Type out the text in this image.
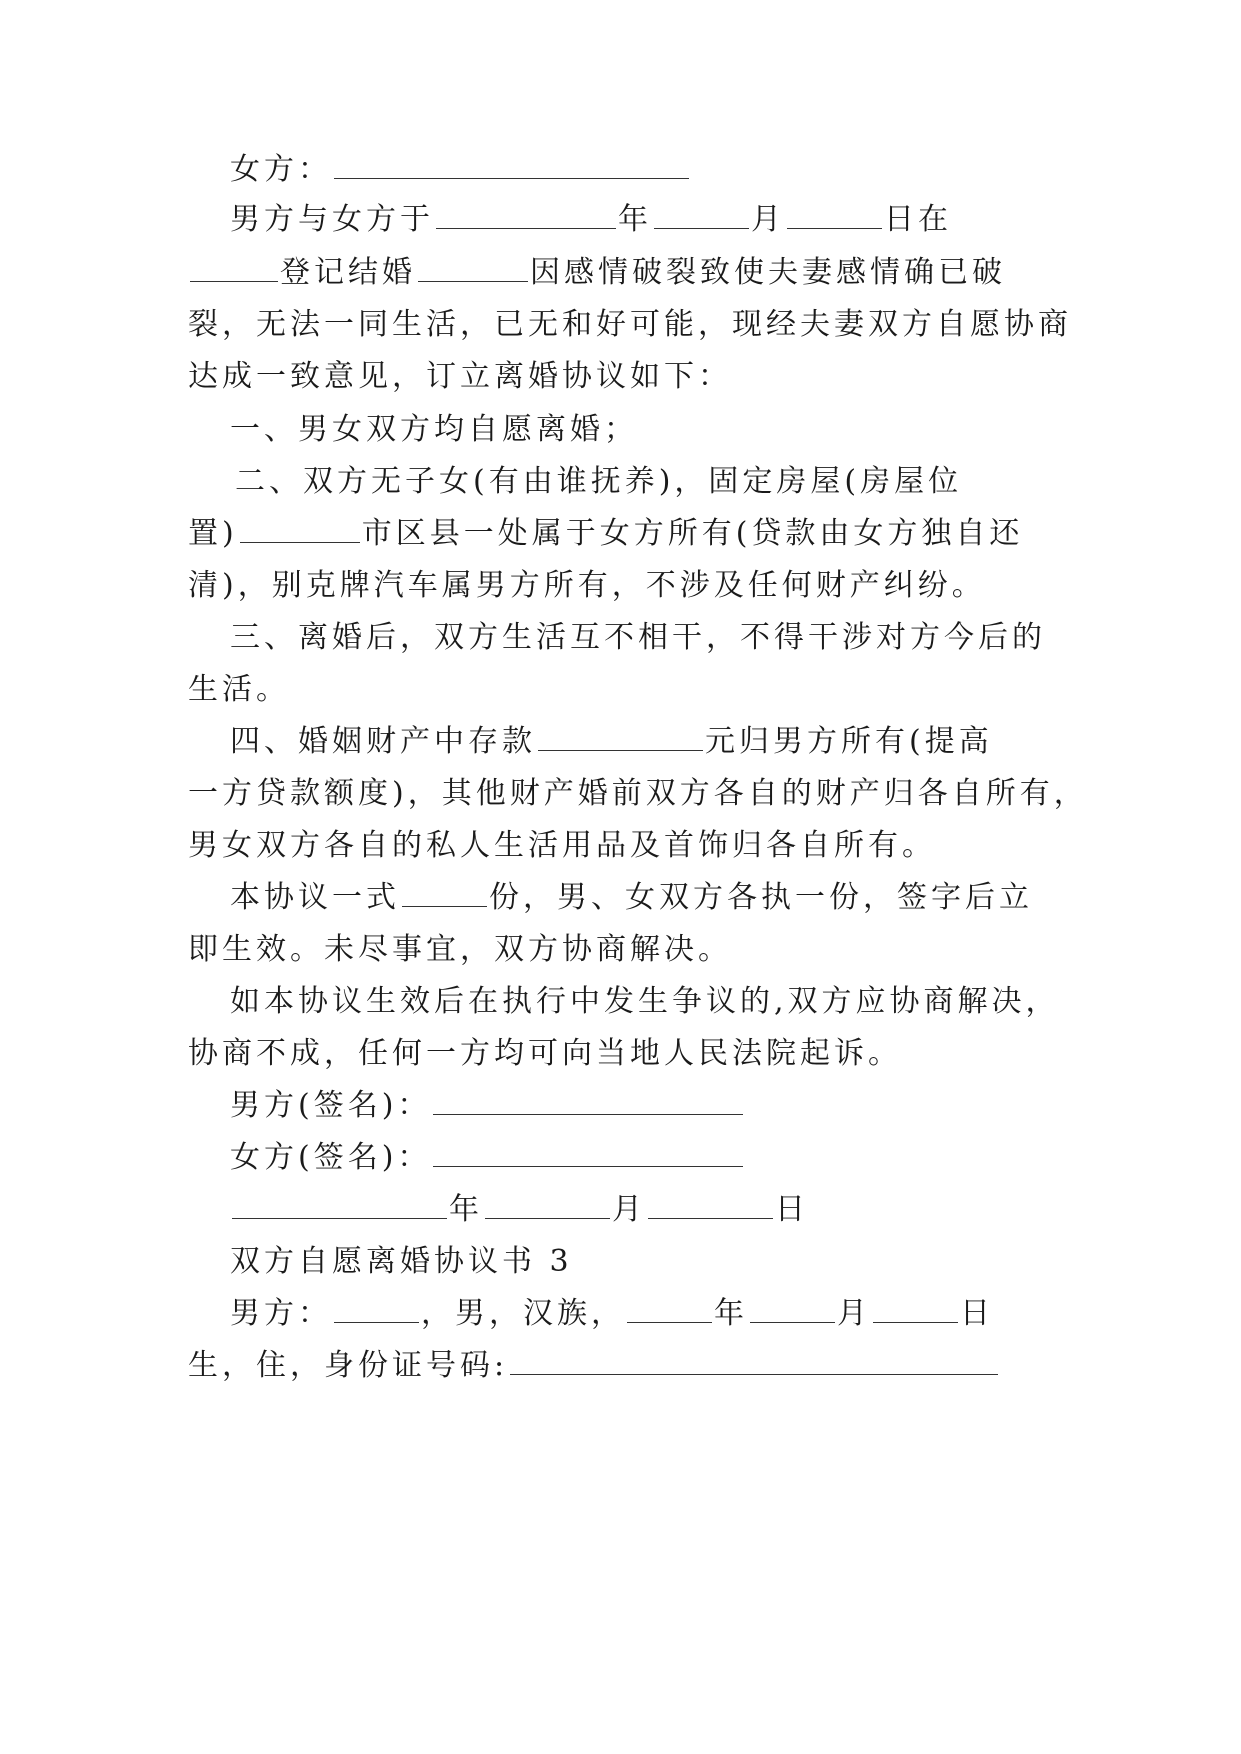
女方：
男方与女方于	年	月	日在
登记结婚	因感情破裂致使夫妻感情确已破
裂，无法一同生活，已无和好可能，现经夫妻双方自愿协商
达成一致意见，订立离婚协议如下：
一、男女双方均自愿离婚；
二、双方无子女(有由谁抚养)，固定房屋(房屋位
置)	市区县一处属于女方所有(贷款由女方独自还
清)，别克牌汽车属男方所有，不涉及任何财产纠纷。
三、离婚后，双方生活互不相干，不得干涉对方今后的
生活。
四、婚姻财产中存款	元归男方所有(提高
一方贷款额度)，其他财产婚前双方各自的财产归各自所有，
男女双方各自的私人生活用品及首饰归各自所有。
本协议一式	份，男、女双方各执一份，签字后立
即生效。未尽事宜，双方协商解决。
如本协议生效后在执行中发生争议的,双方应协商解决，
协商不成，任何一方均可向当地人民法院起诉。
男方(签名)：
女方(签名)：
年	月	日
双方自愿离婚协议书 3
男方：	，男，汉族，	年	月	日
生，住，身份证号码:
